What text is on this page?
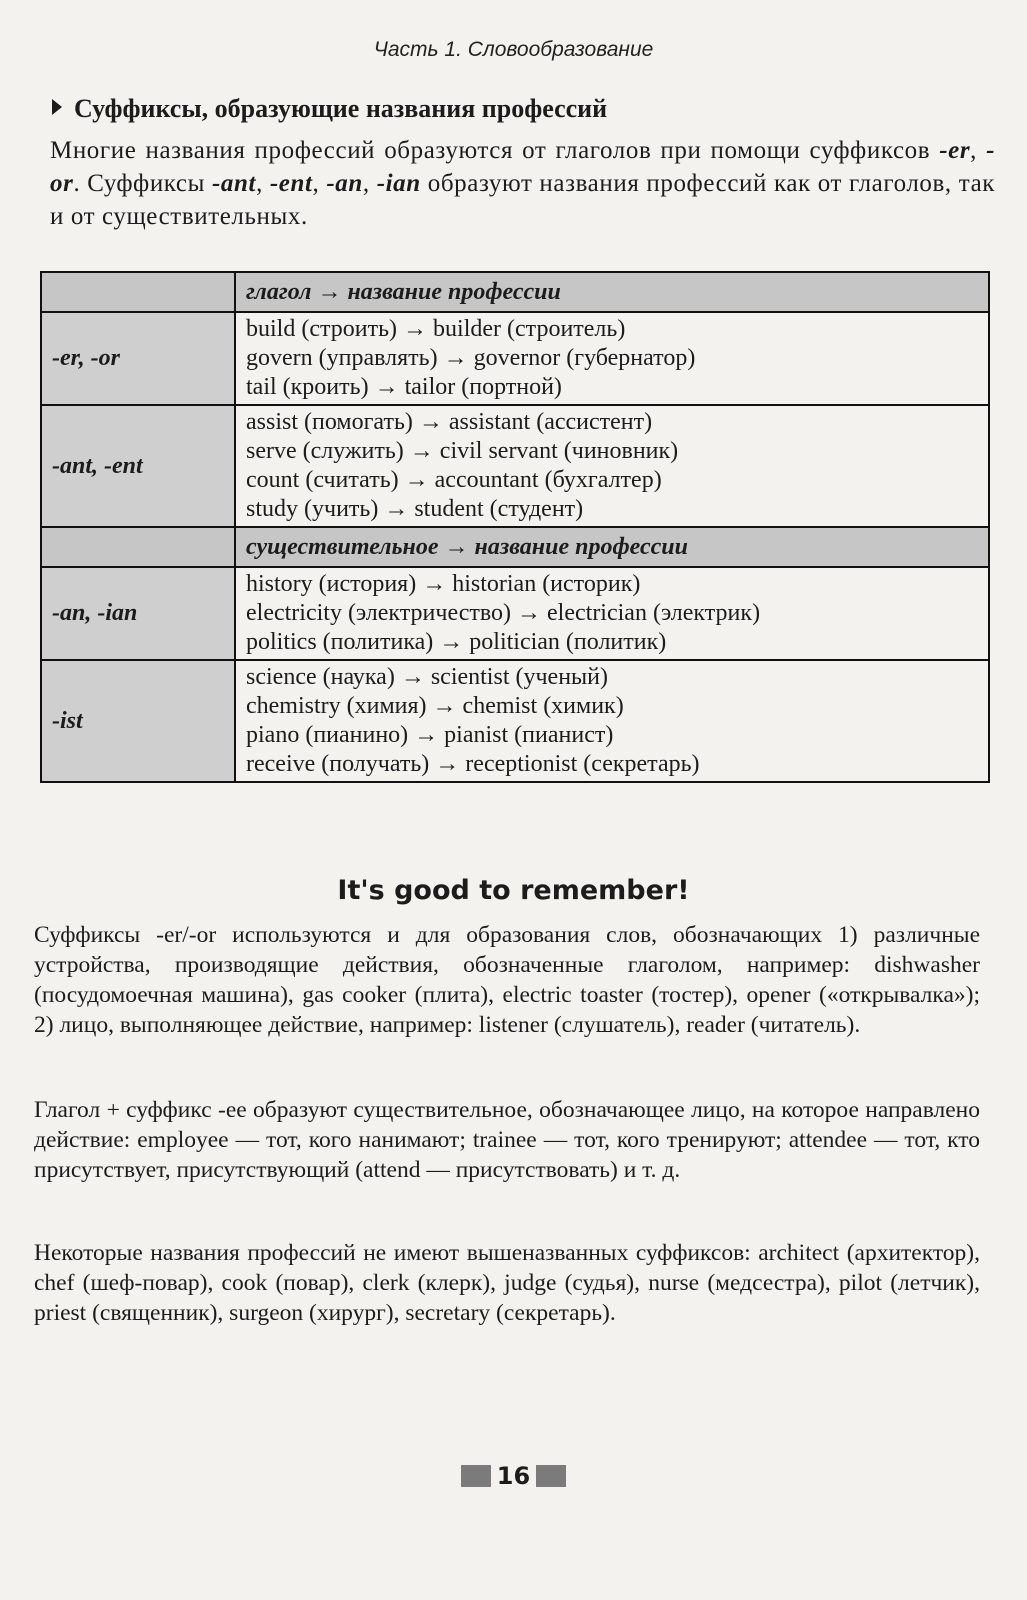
Часть 1. Словообразование
Суффиксы, образующие названия профессий
Многие названия профессий образуются от глаголов при помощи суффиксов -er, -or. Суффиксы -ant, -ent, -an, -ian образуют названия профессий как от глаголов, так и от существительных.
	глагол → название профессии
-er, -or	build (строить) → builder (строитель)
govern (управлять) → governor (губернатор)
tail (кроить) → tailor (портной)

-ant, -ent	assist (помогать) → assistant (ассистент)
serve (служить) → civil servant (чиновник)
count (считать) → accountant (бухгалтер)
study (учить) → student (студент)

	существительное → название профессии
-an, -ian	history (история) → historian (историк)
electricity (электричество) → electrician (электрик)
politics (политика) → politician (политик)

-ist	science (наука) → scientist (ученый)
chemistry (химия) → chemist (химик)
piano (пианино) → pianist (пианист)
receive (получать) → receptionist (секретарь)
It's good to remember!
Суффиксы -er/-or используются и для образования слов, обозначающих 1) различные устройства, производящие действия, обозначенные глаголом, например: dishwasher (посудомоечная машина), gas cooker (плита), electric toaster (тостер), opener («открывалка»); 2) лицо, выполняющее действие, например: listener (слушатель), reader (читатель).
Глагол + суффикс -ee образуют существительное, обозначающее лицо, на которое направлено действие: employee — тот, кого нанимают; trainee — тот, кого тренируют; attendee — тот, кто присутствует, присутствующий (attend — присутствовать) и т. д.
Некоторые названия профессий не имеют вышеназванных суффиксов: architect (архитектор), chef (шеф-повар), cook (повар), clerk (клерк), judge (судья), nurse (медсестра), pilot (летчик), priest (священник), surgeon (хирург), secretary (секретарь).
16
